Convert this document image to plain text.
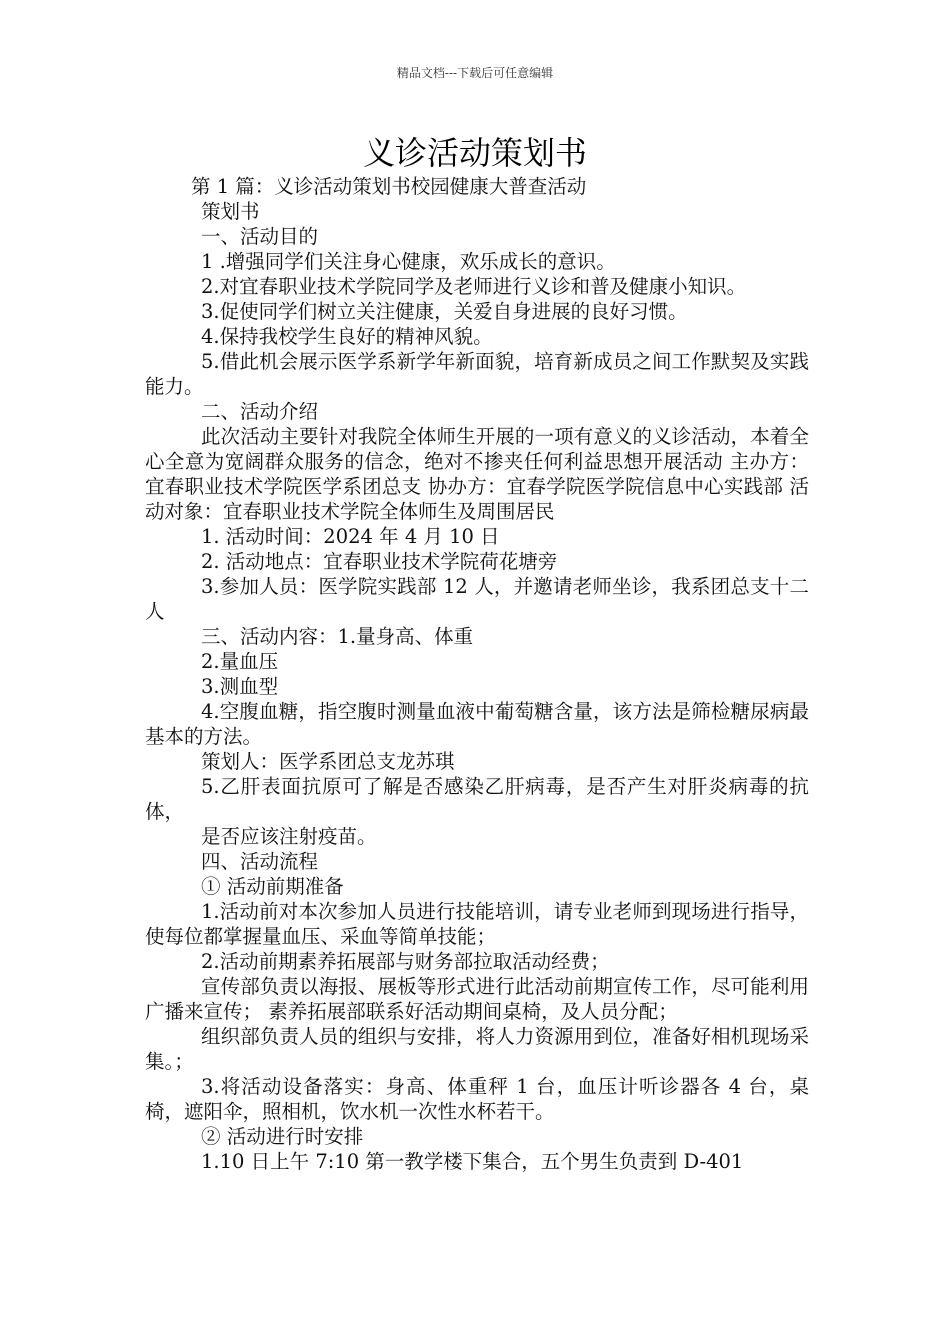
精品文档---下载后可任意编辑
义诊活动策划书

第 1 篇：义诊活动策划书校园健康大普查活动

策划书

一、活动目的

1 .增强同学们关注身心健康，欢乐成长的意识。

2.对宜春职业技术学院同学及老师进行义诊和普及健康小知识。

3.促使同学们树立关注健康，关爱自身进展的良好习惯。

4.保持我校学生良好的精神风貌。

5.借此机会展示医学系新学年新面貌，培育新成员之间工作默契及实践能力。

二、活动介绍

此次活动主要针对我院全体师生开展的一项有意义的义诊活动，本着全心全意为宽阔群众服务的信念，绝对不掺夹任何利益思想开展活动 主办方：宜春职业技术学院医学系团总支 协办方：宜春学院医学院信息中心实践部 活动对象：宜春职业技术学院全体师生及周围居民

1. 活动时间：2024 年 4 月 10 日

2. 活动地点：宜春职业技术学院荷花塘旁

3.参加人员：医学院实践部 12 人，并邀请老师坐诊，我系团总支十二人

三、活动内容：1.量身高、体重

2.量血压

3.测血型

4.空腹血糖，指空腹时测量血液中葡萄糖含量，该方法是筛检糖尿病最基本的方法。

策划人：医学系团总支龙苏琪

5.乙肝表面抗原可了解是否感染乙肝病毒，是否产生对肝炎病毒的抗体，

是否应该注射疫苗。

四、活动流程

① 活动前期准备

1.活动前对本次参加人员进行技能培训，请专业老师到现场进行指导，使每位都掌握量血压、采血等简单技能；

2.活动前期素养拓展部与财务部拉取活动经费；

宣传部负责以海报、展板等形式进行此活动前期宣传工作，尽可能利用广播来宣传； 素养拓展部联系好活动期间桌椅，及人员分配；

组织部负责人员的组织与安排，将人力资源用到位，准备好相机现场采集。；

3.将活动设备落实：身高、体重秤 1 台，血压计听诊器各 4 台，桌椅，遮阳伞，照相机，饮水机一次性水杯若干。

② 活动进行时安排

1.10 日上午 7:10 第一教学楼下集合，五个男生负责到 D-401
